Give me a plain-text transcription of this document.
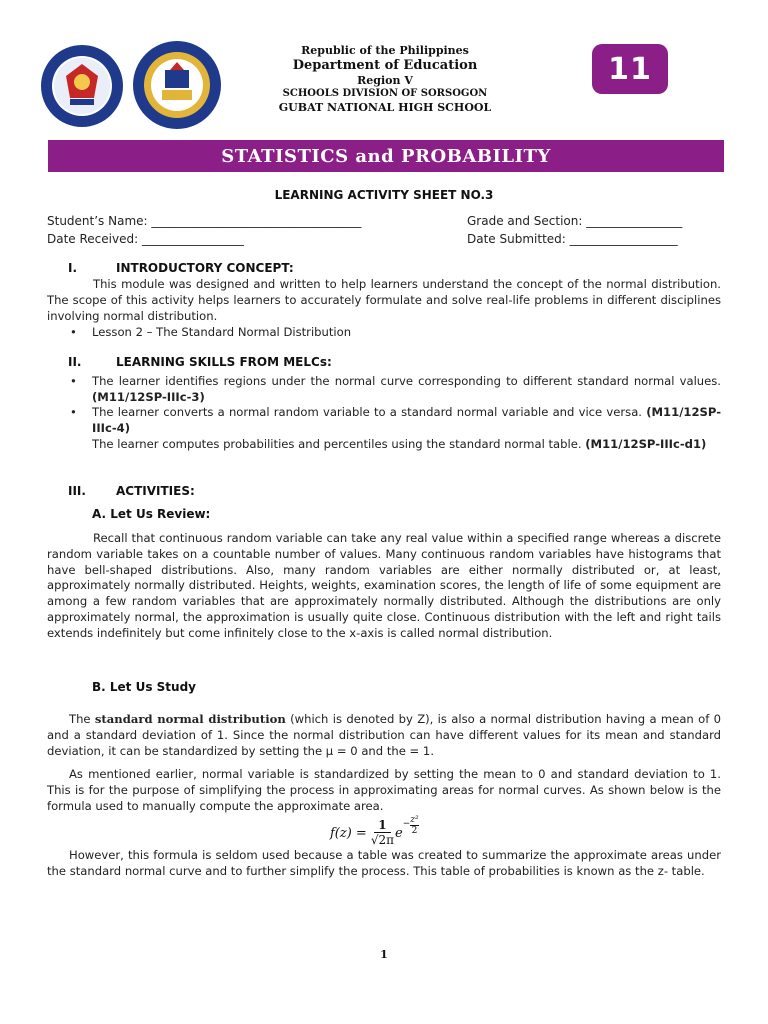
Republic of the Philippines
Department of Education
Region V
SCHOOLS DIVISION OF SORSOGON
GUBAT NATIONAL HIGH SCHOOL
11
STATISTICS and PROBABILITY
LEARNING ACTIVITY SHEET NO.3
Student’s Name: ___________________________________	Grade and Section: ________________
Date Received: _________________	Date Submitted: __________________
I.	INTRODUCTORY CONCEPT:
This module was designed and written to help learners understand the concept of the normal distribution. The scope of this activity helps learners to accurately formulate and solve real-life problems in different disciplines involving normal distribution.
• Lesson 2 – The Standard Normal Distribution
II.	LEARNING SKILLS FROM MELCs:
• The learner identifies regions under the normal curve corresponding to different standard normal values. (M11/12SP-IIIc-3)
• The learner converts a normal random variable to a standard normal variable and vice versa. (M11/12SP-IIIc-4)
The learner computes probabilities and percentiles using the standard normal table. (M11/12SP-IIIc-d1)
III.	ACTIVITIES:
A. Let Us Review:
Recall that continuous random variable can take any real value within a specified range whereas a discrete random variable takes on a countable number of values. Many continuous random variables have histograms that have bell-shaped distributions. Also, many random variables are either normally distributed or, at least, approximately normally distributed. Heights, weights, examination scores, the length of life of some equipment are among a few random variables that are approximately normally distributed. Although the distributions are only approximately normal, the approximation is usually quite close. Continuous distribution with the left and right tails extends indefinitely but come infinitely close to the x-axis is called normal distribution.
B. Let Us Study
The standard normal distribution (which is denoted by Z), is also a normal distribution having a mean of 0 and a standard deviation of 1. Since the normal distribution can have different values for its mean and standard deviation, it can be standardized by setting the μ = 0 and the = 1.
As mentioned earlier, normal variable is standardized by setting the mean to 0 and standard deviation to 1. This is for the purpose of simplifying the process in approximating areas for normal curves. As shown below is the formula used to manually compute the approximate area.
$f(z) = \frac{1}{√2\pi}$ e
− $\frac{\text{z²}}{2}$
However, this formula is seldom used because a table was created to summarize the approximate areas under the standard normal curve and to further simplify the process. This table of probabilities is known as the z- table.
1
